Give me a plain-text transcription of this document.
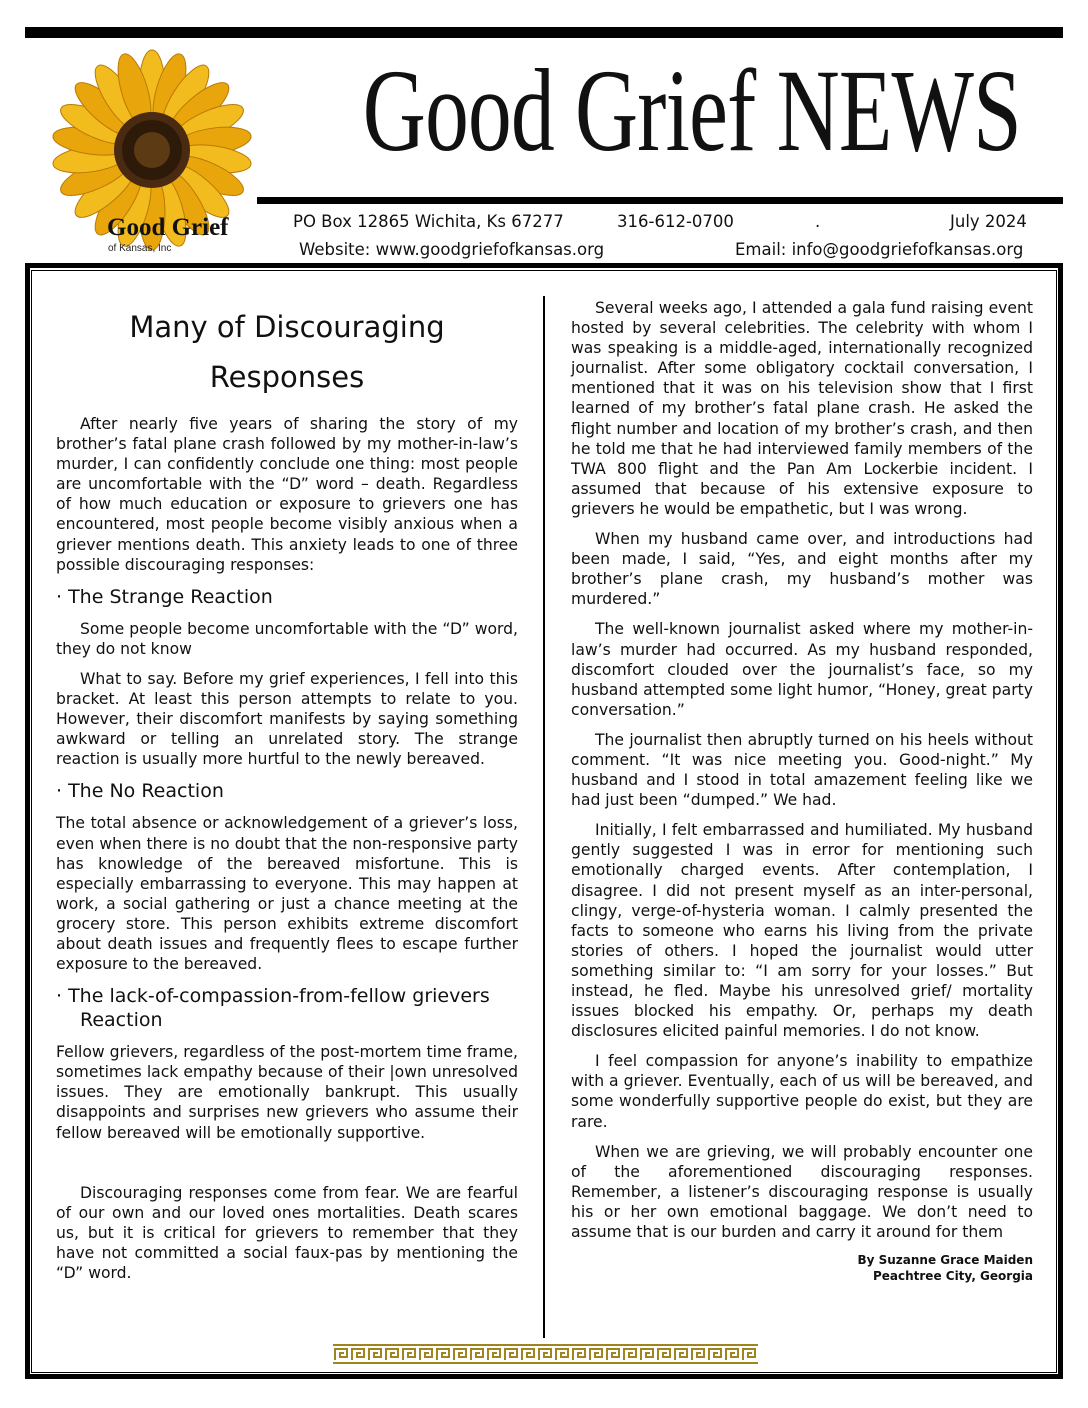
Good Grief
of Kansas, Inc
Good Grief NEWS
PO Box 12865 Wichita, Ks 67277	316-612-0700	.	July 2024
Website: www.goodgriefofkansas.org	Email: info@goodgriefofkansas.org
Many of Discouraging
Responses

After nearly five years of sharing the story of my brother’s fatal plane crash followed by my mother-in-law’s murder, I can confidently conclude one thing: most people are uncomfortable with the “D” word – death. Regardless of how much education or exposure to grievers one has encountered, most people become visibly anxious when a griever mentions death. This anxiety leads to one of three possible discouraging responses:

· The Strange Reaction

Some people become uncomfortable with the “D” word, they do not know

What to say. Before my grief experiences, I fell into this bracket. At least this person attempts to relate to you. However, their discomfort manifests by saying something awkward or telling an unrelated story. The strange reaction is usually more hurtful to the newly bereaved.

· The No Reaction

The total absence or acknowledgement of a griever’s loss, even when there is no doubt that the non-responsive party has knowledge of the bereaved misfortune. This is especially embarrassing to everyone. This may happen at work, a social gathering or just a chance meeting at the grocery store. This person exhibits extreme discomfort about death issues and frequently flees to escape further exposure to the bereaved.

· The lack-of-compassion-from-fellow grievers
Reaction

Fellow grievers, regardless of the post-mortem time frame, sometimes lack empathy because of their |own unresolved issues. They are emotionally bankrupt. This usually disappoints and surprises new grievers who assume their fellow bereaved will be emotionally supportive.

Discouraging responses come from fear. We are fearful of our own and our loved ones mortalities. Death scares us, but it is critical for grievers to remember that they have not committed a social faux-pas by mentioning the “D” word.

Several weeks ago, I attended a gala fund raising event hosted by several celebrities. The celebrity with whom I was speaking is a middle-aged, internationally recognized journalist. After some obligatory cocktail conversation, I mentioned that it was on his television show that I first learned of my brother’s fatal plane crash. He asked the flight number and location of my brother’s crash, and then he told me that he had interviewed family members of the TWA 800 flight and the Pan Am Lockerbie incident. I assumed that because of his extensive exposure to grievers he would be empathetic, but I was wrong.

When my husband came over, and introductions had been made, I said, “Yes, and eight months after my brother’s plane crash, my husband’s mother was murdered.”

The well-known journalist asked where my mother-in-law’s murder had occurred. As my husband responded, discomfort clouded over the journalist’s face, so my husband attempted some light humor, “Honey, great party conversation.”

The journalist then abruptly turned on his heels without comment. “It was nice meeting you. Good-night.” My husband and I stood in total amazement feeling like we had just been “dumped.” We had.

Initially, I felt embarrassed and humiliated. My husband gently suggested I was in error for mentioning such emotionally charged events. After contemplation, I disagree. I did not present myself as an inter-personal, clingy, verge-of-hysteria woman. I calmly presented the facts to someone who earns his living from the private stories of others. I hoped the journalist would utter something similar to: “I am sorry for your losses.” But instead, he fled. Maybe his unresolved grief/ mortality issues blocked his empathy. Or, perhaps my death disclosures elicited painful memories. I do not know.

I feel compassion for anyone’s inability to empathize with a griever. Eventually, each of us will be bereaved, and some wonderfully supportive people do exist, but they are rare.

When we are grieving, we will probably encounter one of the aforementioned discouraging responses. Remember, a listener’s discouraging response is usually his or her own emotional baggage. We don’t need to assume that is our burden and carry it around for them

By Suzanne Grace Maiden
Peachtree City, Georgia
